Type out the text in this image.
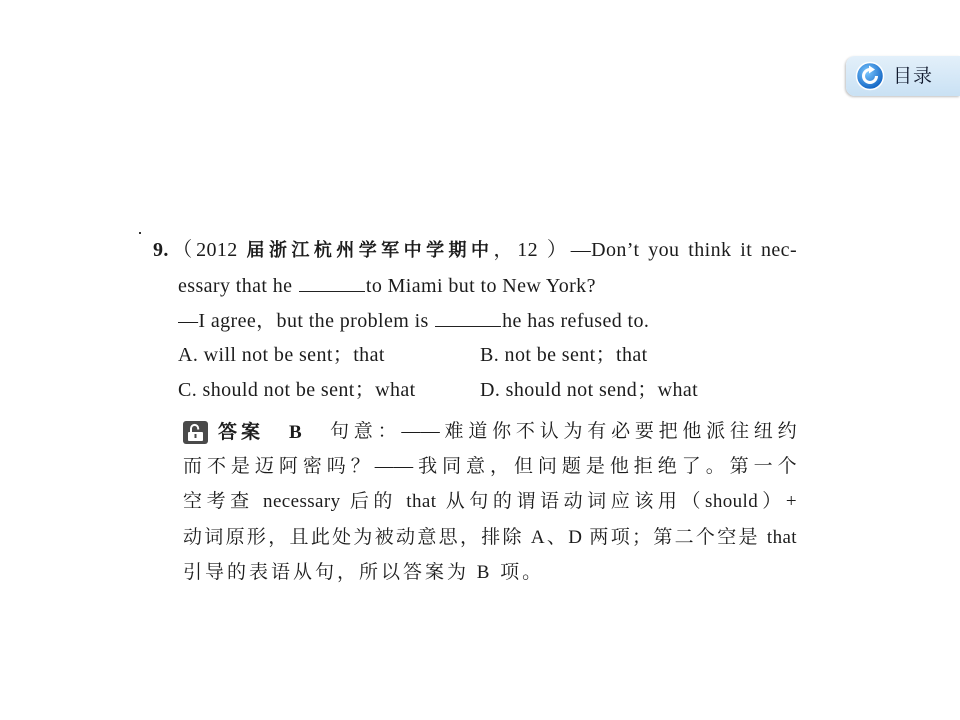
目录
9.（2012 届浙江杭州学军中学期中，12 ）—Don’t you think it nec-
essary that he	to Miami but to New York?
—I agree，but the problem is	he has refused to.
A. will not be sent；that	B. not be sent；that
C. should not be sent；what	D. should not send；what
答案 B 句意：——难道你不认为有必要把他派往纽约
而不是迈阿密吗？——我同意，但问题是他拒绝了。第一个
空考查 necessary 后的 that 从句的谓语动词应该用（should）+
动词原形，且此处为被动意思，排除 A、D 两项；第二个空是 that
引导的表语从句，所以答案为 B 项。
